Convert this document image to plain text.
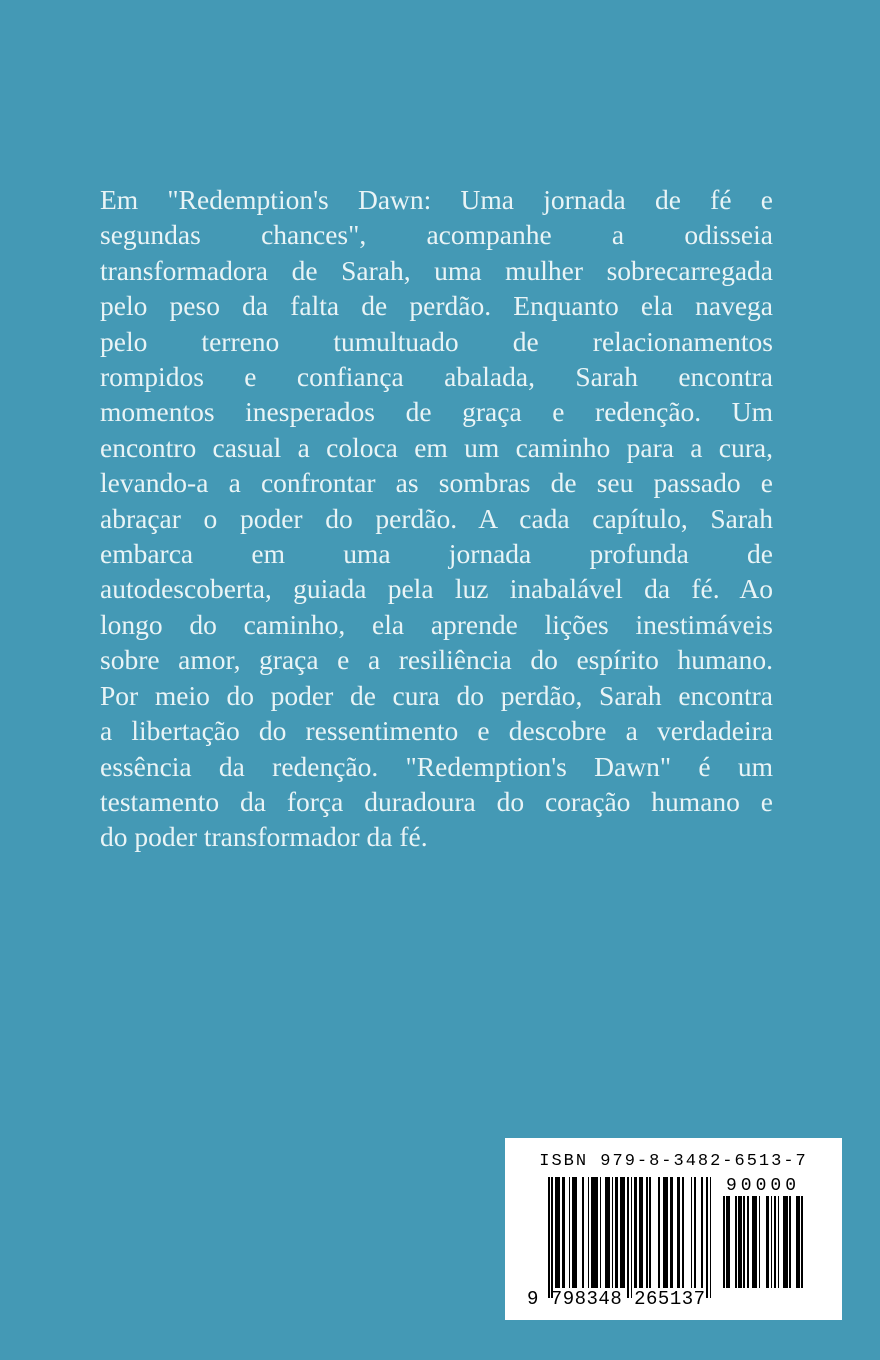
Em "Redemption's Dawn: Uma jornada de fé e
segundas chances", acompanhe a odisseia
transformadora de Sarah, uma mulher sobrecarregada
pelo peso da falta de perdão. Enquanto ela navega
pelo terreno tumultuado de relacionamentos
rompidos e confiança abalada, Sarah encontra
momentos inesperados de graça e redenção. Um
encontro casual a coloca em um caminho para a cura,
levando-a a confrontar as sombras de seu passado e
abraçar o poder do perdão. A cada capítulo, Sarah
embarca em uma jornada profunda de
autodescoberta, guiada pela luz inabalável da fé. Ao
longo do caminho, ela aprende lições inestimáveis
sobre amor, graça e a resiliência do espírito humano.
Por meio do poder de cura do perdão, Sarah encontra
a libertação do ressentimento e descobre a verdadeira
essência da redenção. "Redemption's Dawn" é um
testamento da força duradoura do coração humano e
do poder transformador da fé.
ISBN 979-8-3482-6513-7
90000
9 798348 265137
